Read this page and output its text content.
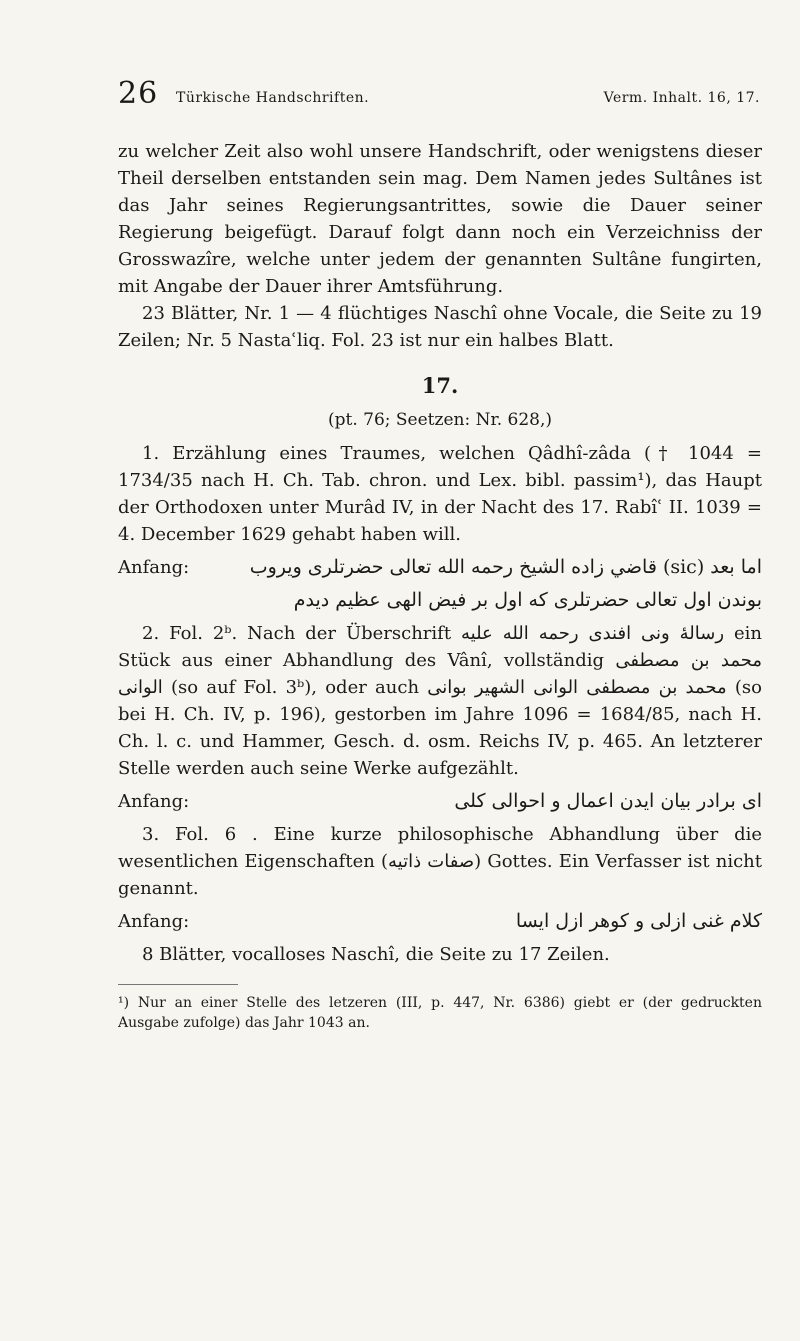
26 Türkische Handschriften.	Verm. Inhalt. 16, 17.

zu welcher Zeit also wohl unsere Handschrift, oder wenigstens dieser Theil derselben entstanden sein mag. Dem Namen jedes Sultânes ist das Jahr seines Regierungsantrittes, sowie die Dauer seiner Regierung beigefügt. Darauf folgt dann noch ein Verzeichniss der Grosswazîre, welche unter jedem der genannten Sultâne fungirten, mit Angabe der Dauer ihrer Amtsführung.

23 Blätter, Nr. 1 — 4 flüchtiges Naschî ohne Vocale, die Seite zu 19 Zeilen; Nr. 5 Nastaʿliq. Fol. 23 ist nur ein halbes Blatt.

17.
(pt. 76; Seetzen: Nr. 628,)

1. Erzählung eines Traumes, welchen Qâdhî-zâda († 1044 = 1734/35 nach H. Ch. Tab. chron. und Lex. bibl. passim¹), das Haupt der Orthodoxen unter Murâd IV, in der Nacht des 17. Rabîʿ II. 1039 = 4. December 1629 gehabt haben will.

Anfang:	اما بعد (sic) قاضي زاده الشيخ رحمه الله تعالى حضرتلرى ويروب
بوندن اول تعالى حضرتلرى كه اول بر فيض الهى عظيم ديدم

2. Fol. 2ᵇ. Nach der Überschrift رسالهٔ ونى افندى رحمه الله عليه ein Stück aus einer Abhandlung des Vânî, vollständig محمد بن مصطفى الوانى (so auf Fol. 3ᵇ), oder auch محمد بن مصطفى الوانى الشهير بوانى (so bei H. Ch. IV, p. 196), gestorben im Jahre 1096 = 1684/85, nach H. Ch. l. c. und Hammer, Gesch. d. osm. Reichs IV, p. 465. An letzterer Stelle werden auch seine Werke aufgezählt.

Anfang:	اى برادر بيان ايدن اعمال و احوالى كلى

3. Fol. 6 . Eine kurze philosophische Abhandlung über die wesentlichen Eigenschaften (صفات ذاتيه) Gottes. Ein Verfasser ist nicht genannt.

Anfang:	كلام غنى ازلى و كوهر ازل ايسا

8 Blätter, vocalloses Naschî, die Seite zu 17 Zeilen.

¹) Nur an einer Stelle des letzeren (III, p. 447, Nr. 6386) giebt er (der gedruckten Ausgabe zufolge) das Jahr 1043 an.
